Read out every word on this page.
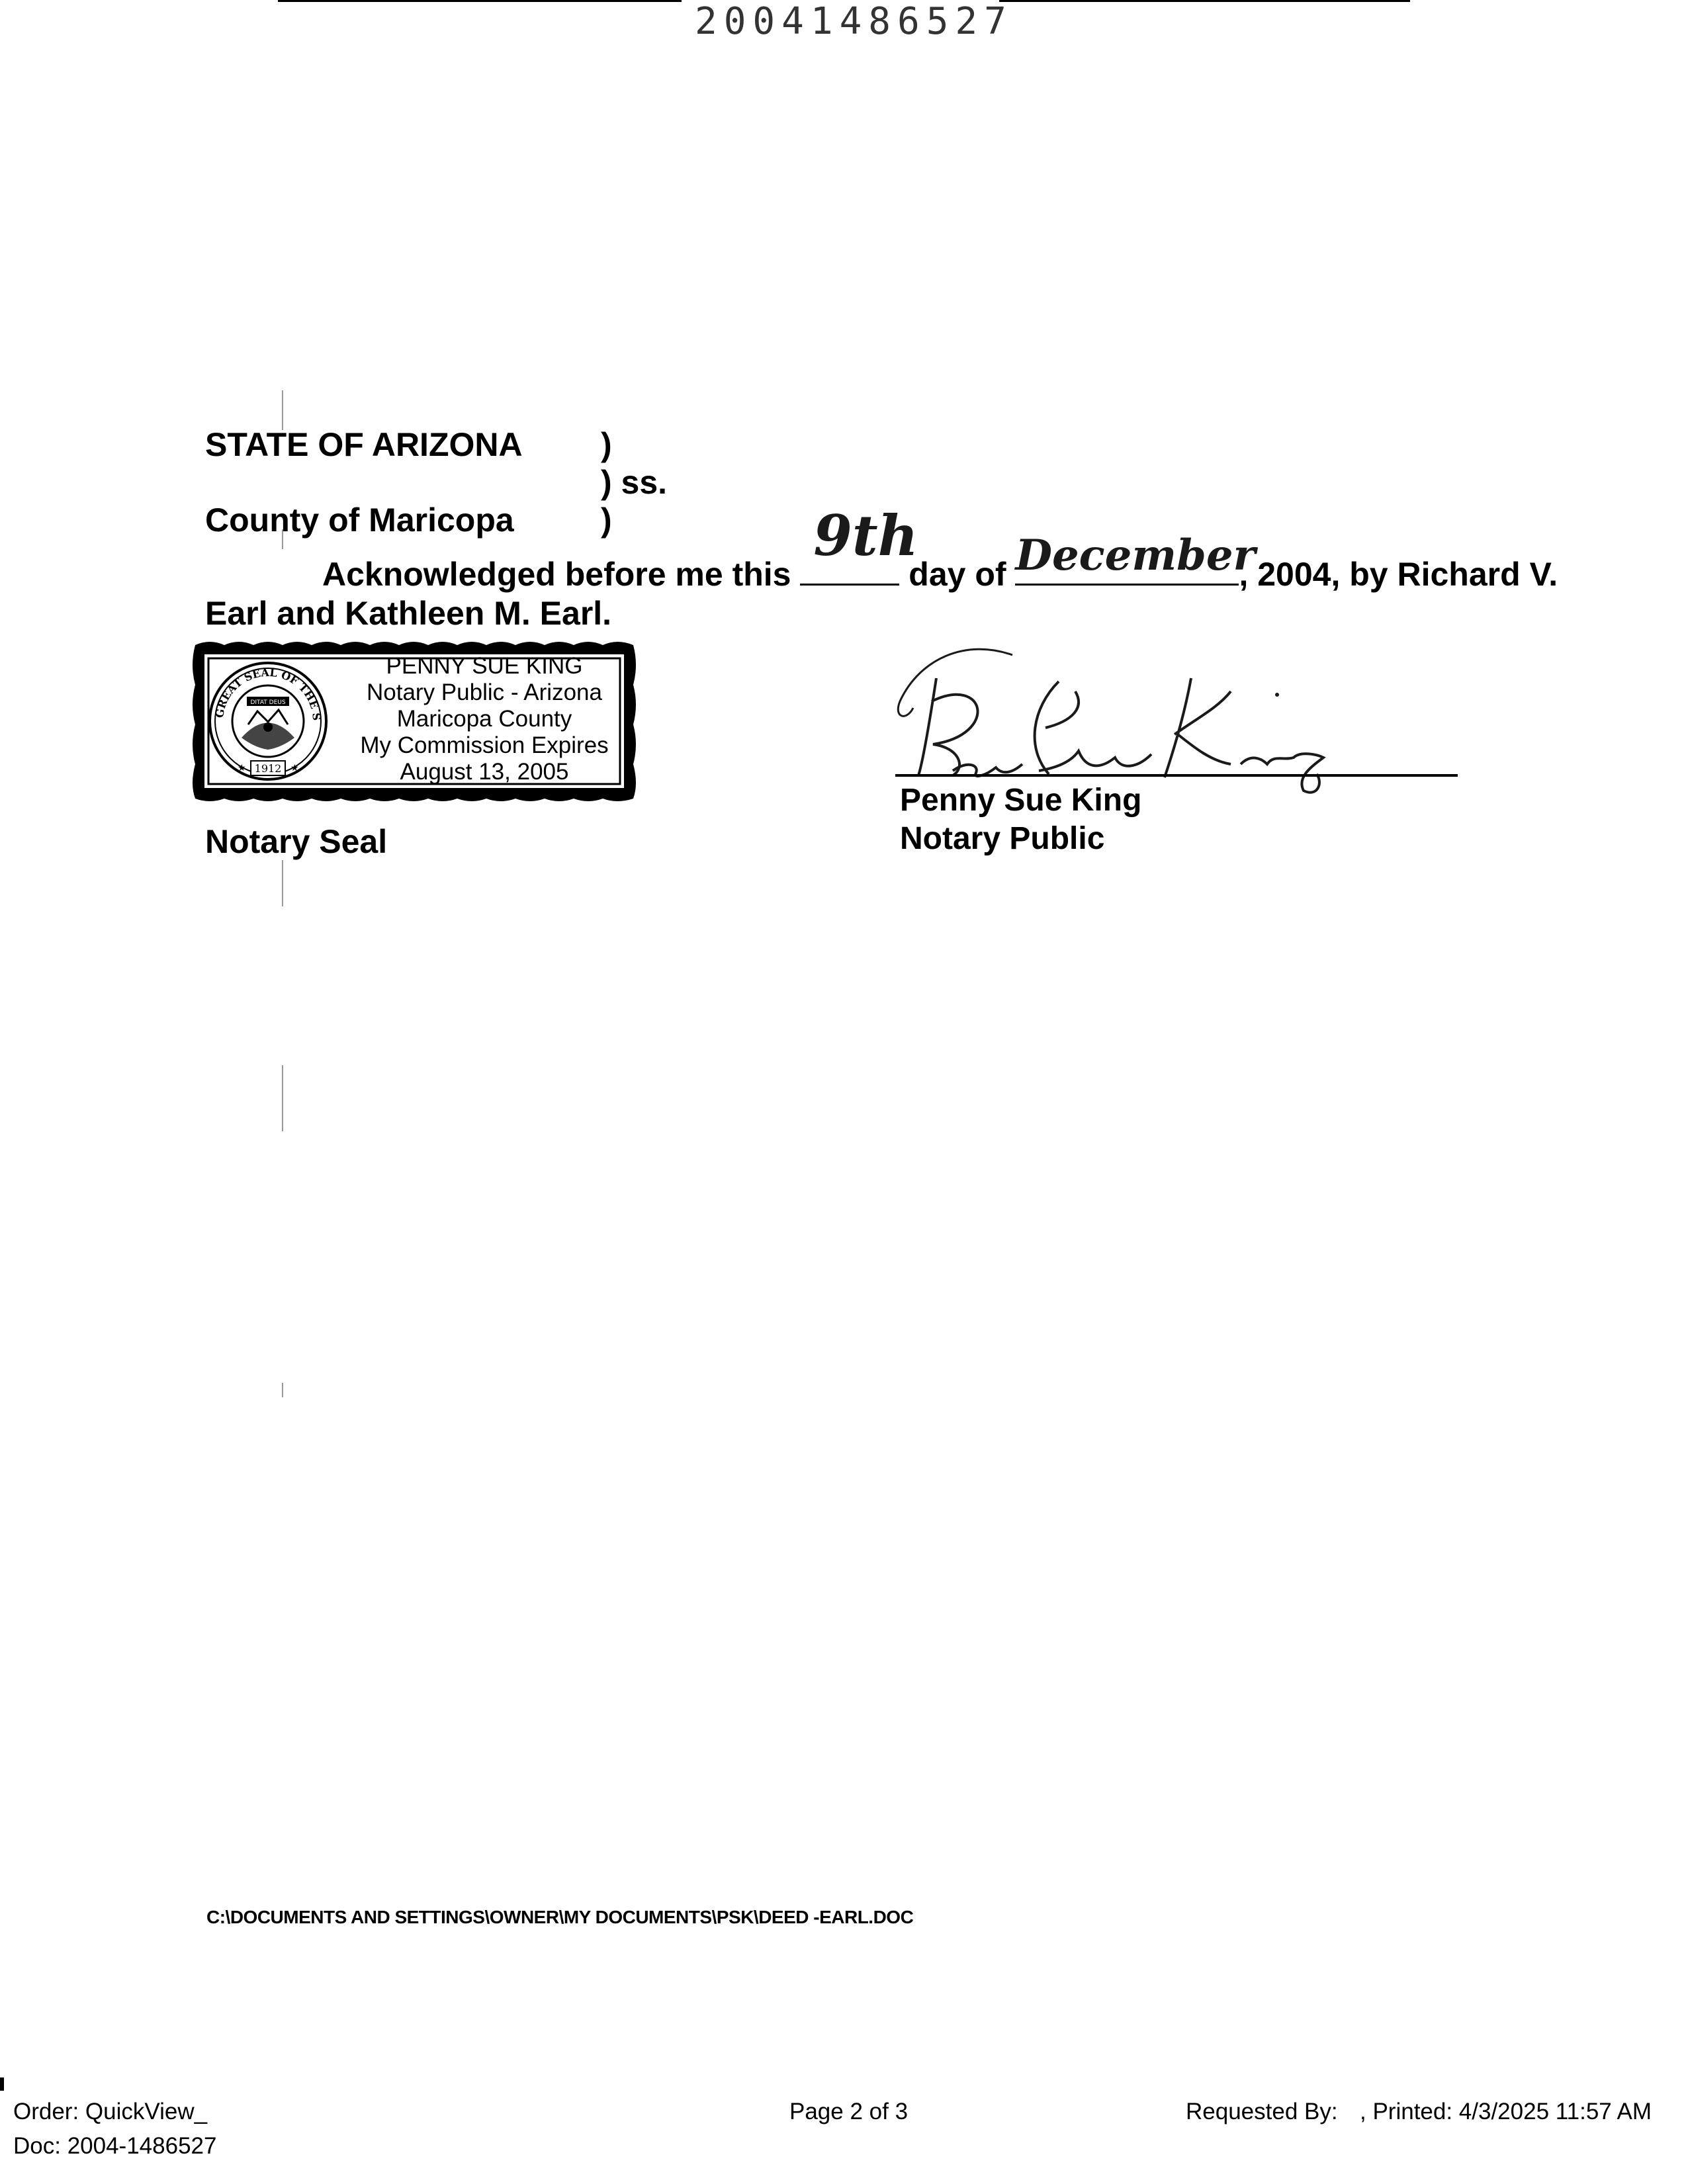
20041486527
STATE OF ARIZONA )
) ss.
County of Maricopa	)
Acknowledged before me this
9th
day of December
, 2004, by Richard V.
Earl and Kathleen M. Earl.
GREAT SEAL OF THE S
DITAT DEUS
1912
★	★
PENNY SUE KING
Notary Public - Arizona
Maricopa County
My Commission Expires
August 13, 2005
Notary Seal
Penny Sue King
Notary Public
C:\DOCUMENTS AND SETTINGS\OWNER\MY DOCUMENTS\PSK\DEED -EARL.DOC
Order: QuickView_
Doc: 2004-1486527
Page 2 of 3	Requested By: , Printed: 4/3/2025 11:57 AM
